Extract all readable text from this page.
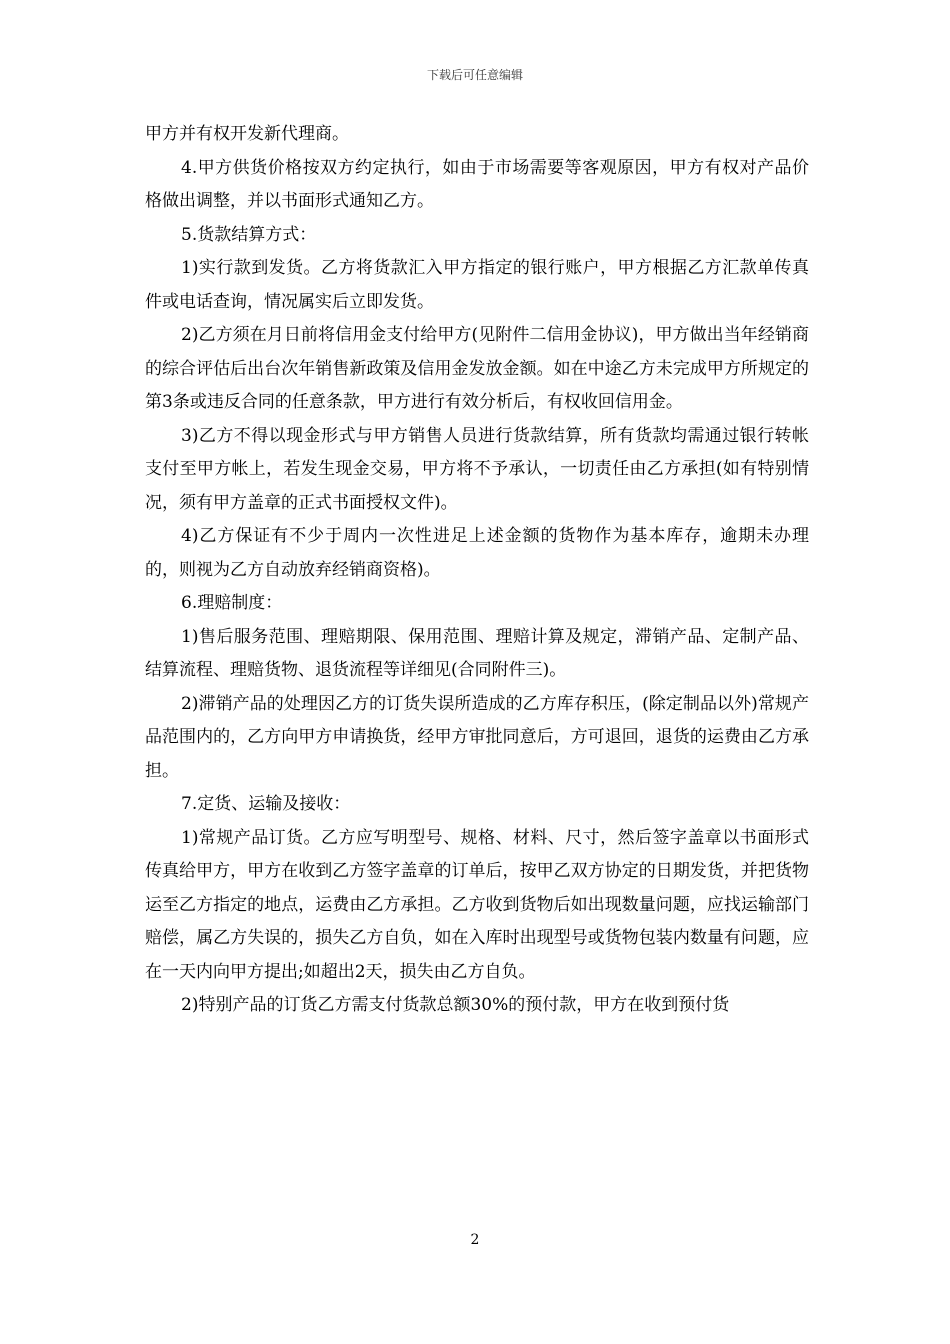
下载后可任意编辑

甲方并有权开发新代理商。

4.甲方供货价格按双方约定执行，如由于市场需要等客观原因，甲方有权对产品价格做出调整，并以书面形式通知乙方。

5.货款结算方式：

1)实行款到发货。乙方将货款汇入甲方指定的银行账户，甲方根据乙方汇款单传真件或电话查询，情况属实后立即发货。

2)乙方须在月日前将信用金支付给甲方(见附件二信用金协议)，甲方做出当年经销商的综合评估后出台次年销售新政策及信用金发放金额。如在中途乙方未完成甲方所规定的第3条或违反合同的任意条款，甲方进行有效分析后，有权收回信用金。

3)乙方不得以现金形式与甲方销售人员进行货款结算，所有货款均需通过银行转帐支付至甲方帐上，若发生现金交易，甲方将不予承认，一切责任由乙方承担(如有特别情况，须有甲方盖章的正式书面授权文件)。

4)乙方保证有不少于周内一次性进足上述金额的货物作为基本库存，逾期未办理的，则视为乙方自动放弃经销商资格)。

6.理赔制度：

1)售后服务范围、理赔期限、保用范围、理赔计算及规定，滞销产品、定制产品、结算流程、理赔货物、退货流程等详细见(合同附件三)。

2)滞销产品的处理因乙方的订货失误所造成的乙方库存积压，(除定制品以外)常规产品范围内的，乙方向甲方申请换货，经甲方审批同意后，方可退回，退货的运费由乙方承担。

7.定货、运输及接收：

1)常规产品订货。乙方应写明型号、规格、材料、尺寸，然后签字盖章以书面形式传真给甲方，甲方在收到乙方签字盖章的订单后，按甲乙双方协定的日期发货，并把货物运至乙方指定的地点，运费由乙方承担。乙方收到货物后如出现数量问题，应找运输部门赔偿，属乙方失误的，损失乙方自负，如在入库时出现型号或货物包装内数量有问题，应在一天内向甲方提出;如超出2天，损失由乙方自负。

2)特别产品的订货乙方需支付货款总额30%的预付款，甲方在收到预付货

2
